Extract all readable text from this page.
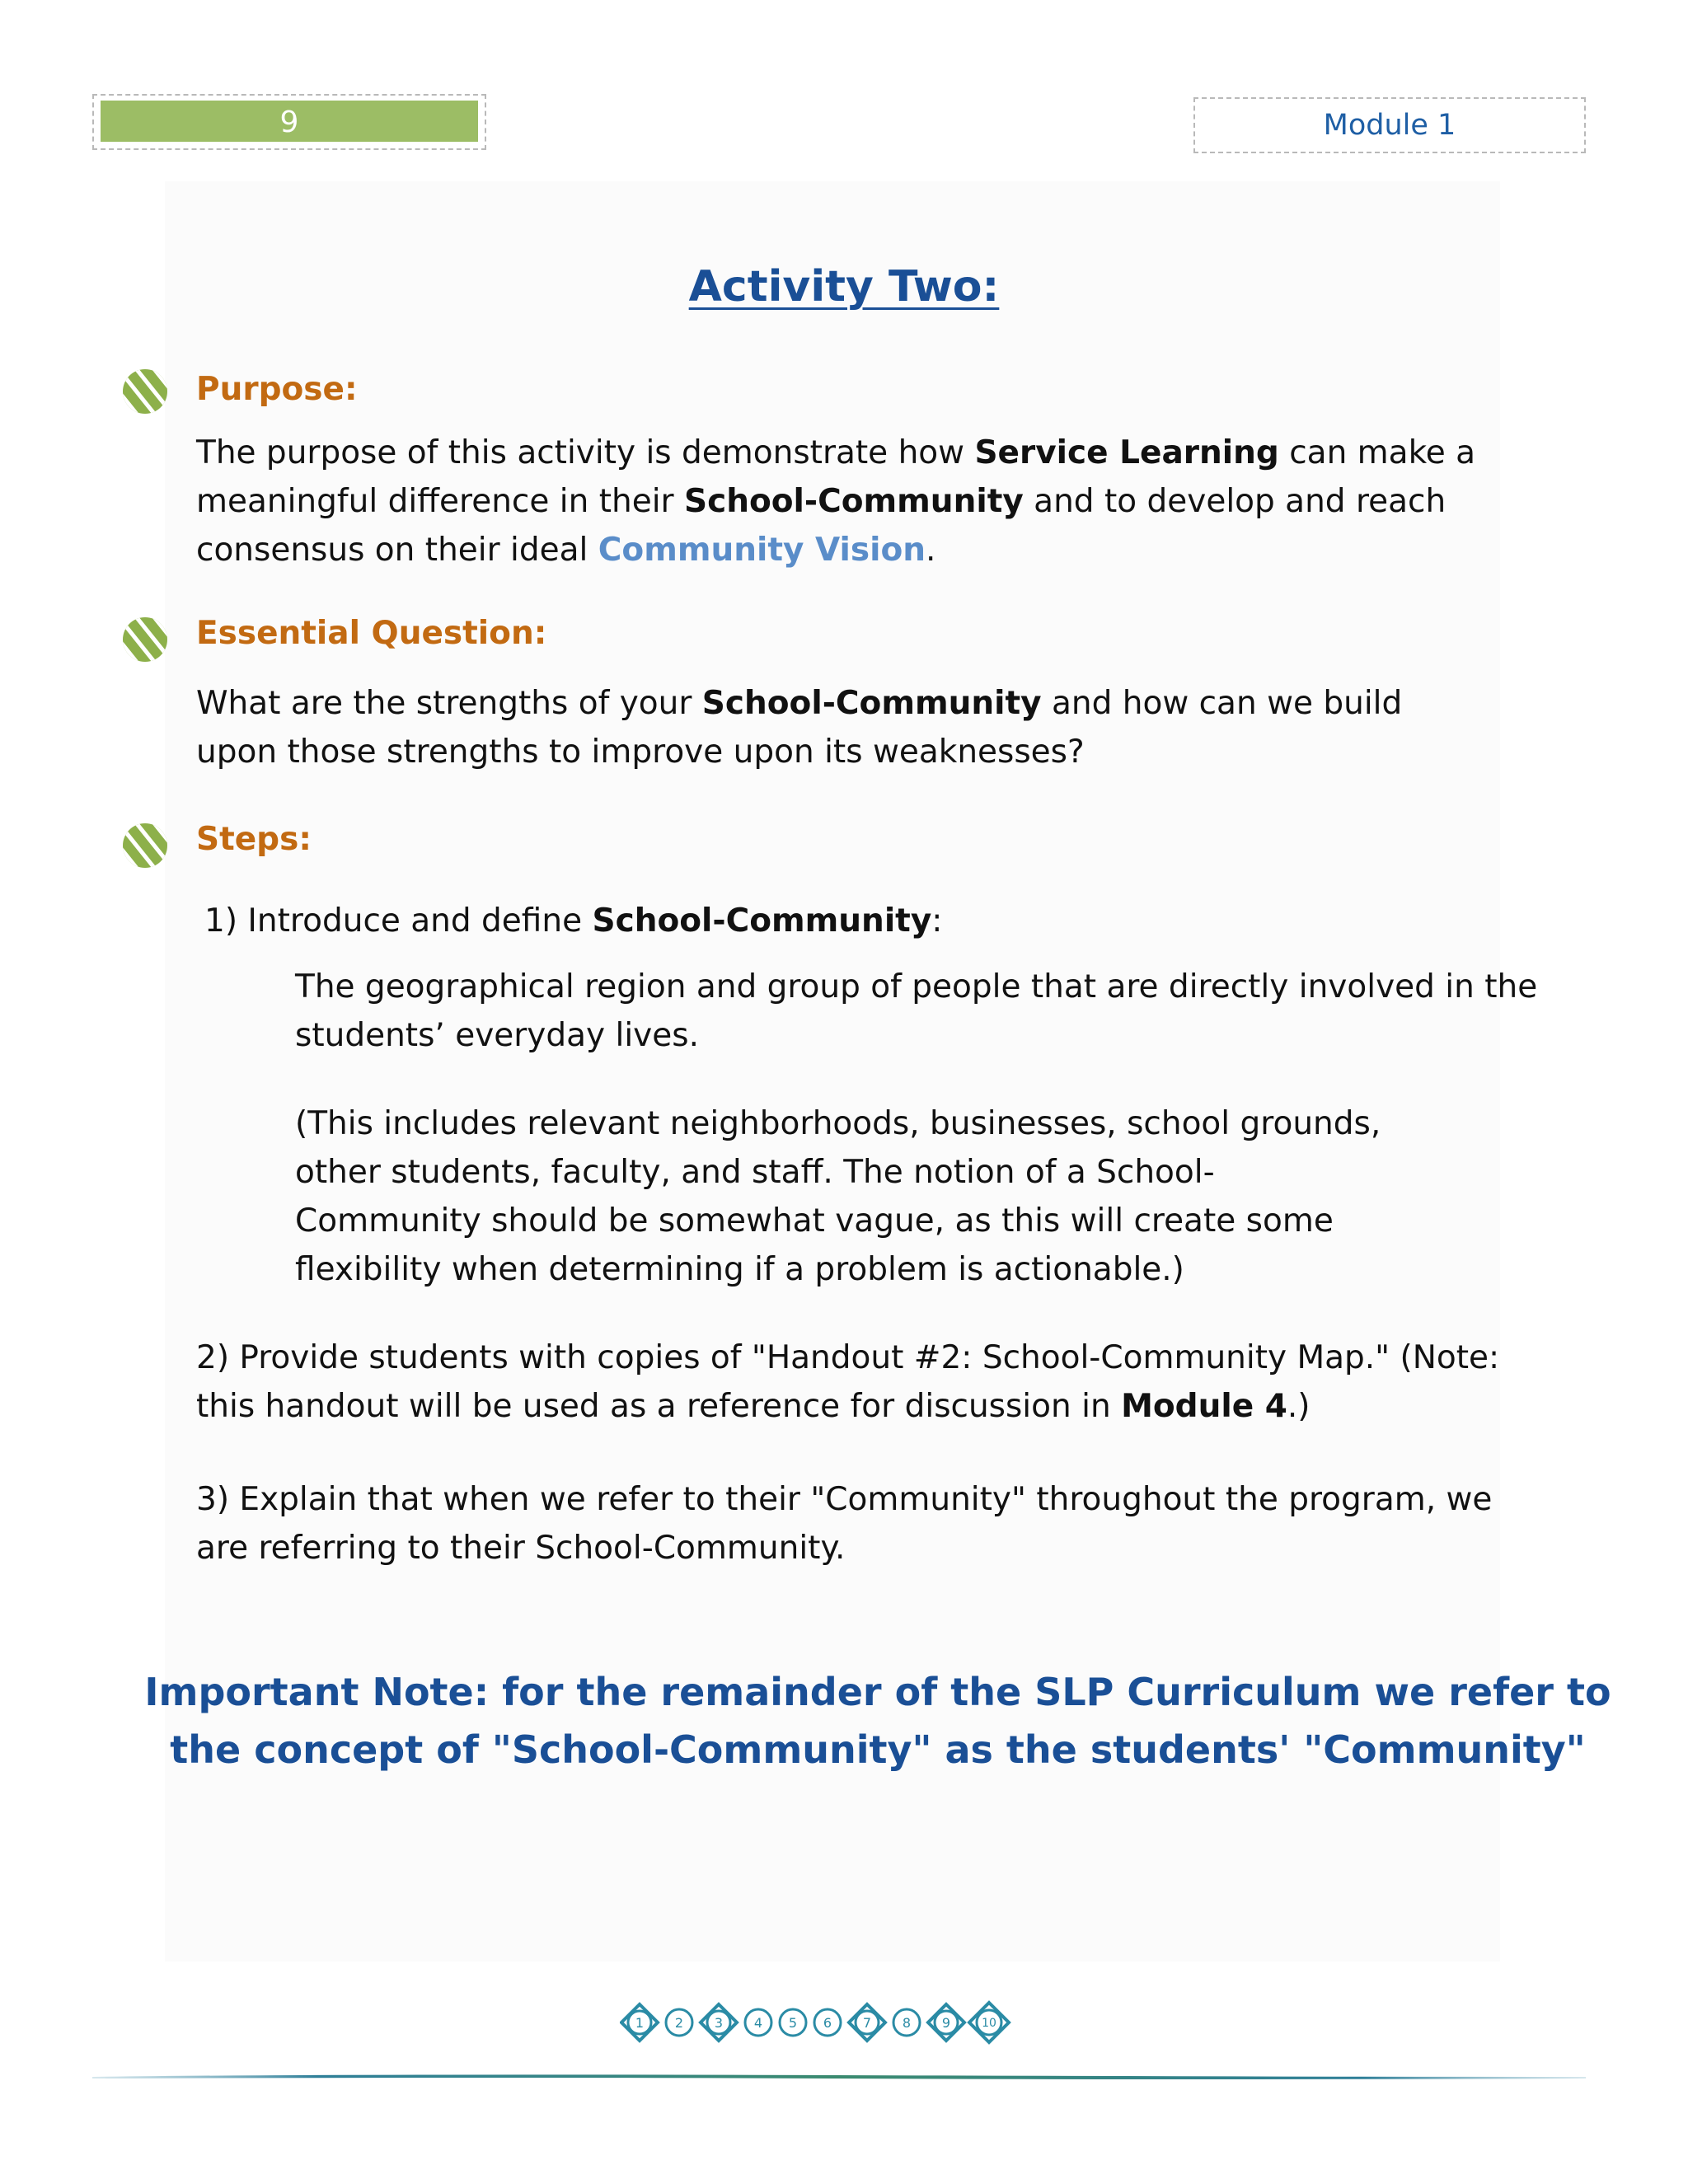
9	Module 1
Activity Two:
Purpose:

The purpose of this activity is demonstrate how Service Learning can make a meaningful difference in their School-Community and to develop and reach consensus on their ideal Community Vision.

Essential Question:

What are the strengths of your School-Community and how can we build upon those strengths to improve upon its weaknesses?

Steps:

1) Introduce and define School-Community:

The geographical region and group of people that are directly involved in the students’ everyday lives.

(This includes relevant neighborhoods, businesses, school grounds, other students, faculty, and staff. The notion of a School-Community should be somewhat vague, as this will create some flexibility when determining if a problem is actionable.)

2) Provide students with copies of "Handout #2: School-Community Map." (Note: this handout will be used as a reference for discussion in Module 4.)

3) Explain that when we refer to their "Community" throughout the program, we are referring to their School-Community.

Important Note: for the remainder of the SLP Curriculum we refer to the concept of "School-Community" as the students' "Community"
1 2 3 4 5 6 7 8 9	10
